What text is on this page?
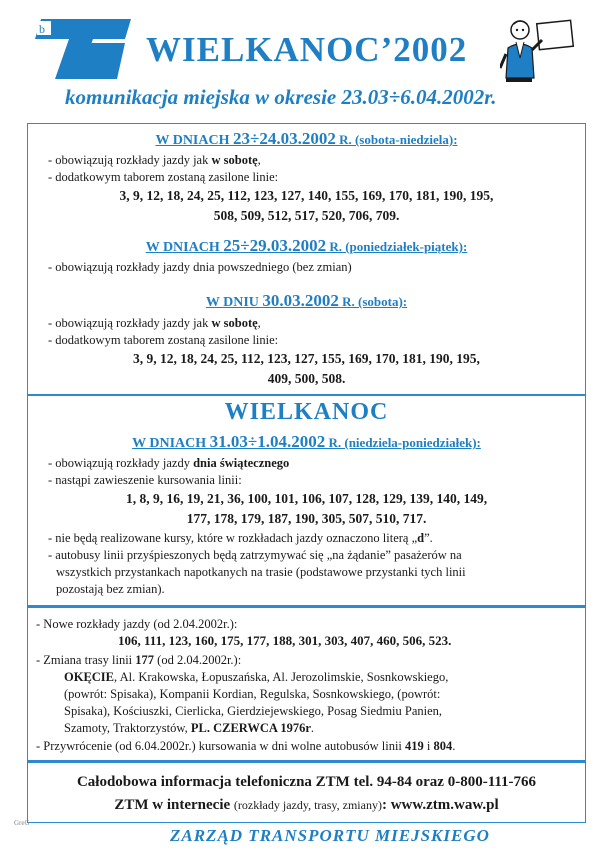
b
WIELKANOC’2002
komunikacja miejska w okresie 23.03÷6.04.2002r.
W DNIACH 23÷24.03.2002 R. (sobota-niedziela):
- obowiązują rozkłady jazdy jak w sobotę,
- dodatkowym taborem zostaną zasilone linie:
3, 9, 12, 18, 24, 25, 112, 123, 127, 140, 155, 169, 170, 181, 190, 195,
508, 509, 512, 517, 520, 706, 709.
W DNIACH 25÷29.03.2002 R. (poniedziałek-piątek):
- obowiązują rozkłady jazdy dnia powszedniego (bez zmian)
W DNIU 30.03.2002 R. (sobota):
- obowiązują rozkłady jazdy jak w sobotę,
- dodatkowym taborem zostaną zasilone linie:
3, 9, 12, 18, 24, 25, 112, 123, 127, 155, 169, 170, 181, 190, 195,
409, 500, 508.
WIELKANOC
W DNIACH 31.03÷1.04.2002 R. (niedziela-poniedziałek):
- obowiązują rozkłady jazdy dnia świątecznego
- nastąpi zawieszenie kursowania linii:
1, 8, 9, 16, 19, 21, 36, 100, 101, 106, 107, 128, 129, 139, 140, 149,
177, 178, 179, 187, 190, 305, 507, 510, 717.
- nie będą realizowane kursy, które w rozkładach jazdy oznaczono literą „d”.
- autobusy linii przyśpieszonych będą zatrzymywać się „na żądanie” pasażerów na
wszystkich przystankach napotkanych na trasie (podstawowe przystanki tych linii
pozostają bez zmian).
- Nowe rozkłady jazdy (od 2.04.2002r.):
106, 111, 123, 160, 175, 177, 188, 301, 303, 407, 460, 506, 523.
- Zmiana trasy linii 177 (od 2.04.2002r.):
OKĘCIE, Al. Krakowska, Łopuszańska, Al. Jerozolimskie, Sosnkowskiego,
(powrót: Spisaka), Kompanii Kordian, Regulska, Sosnkowskiego, (powrót:
Spisaka), Kościuszki, Cierlicka, Gierdziejewskiego, Posag Siedmiu Panien,
Szamoty, Traktorzystów, PL. CZERWCA 1976r.
- Przywrócenie (od 6.04.2002r.) kursowania w dni wolne autobusów linii 419 i 804.
Całodobowa informacja telefoniczna ZTM tel. 94-84 oraz 0-800-111-766
ZTM w internecie (rozkłady jazdy, trasy, zmiany): www.ztm.waw.pl
GreG
ZARZĄD TRANSPORTU MIEJSKIEGO
